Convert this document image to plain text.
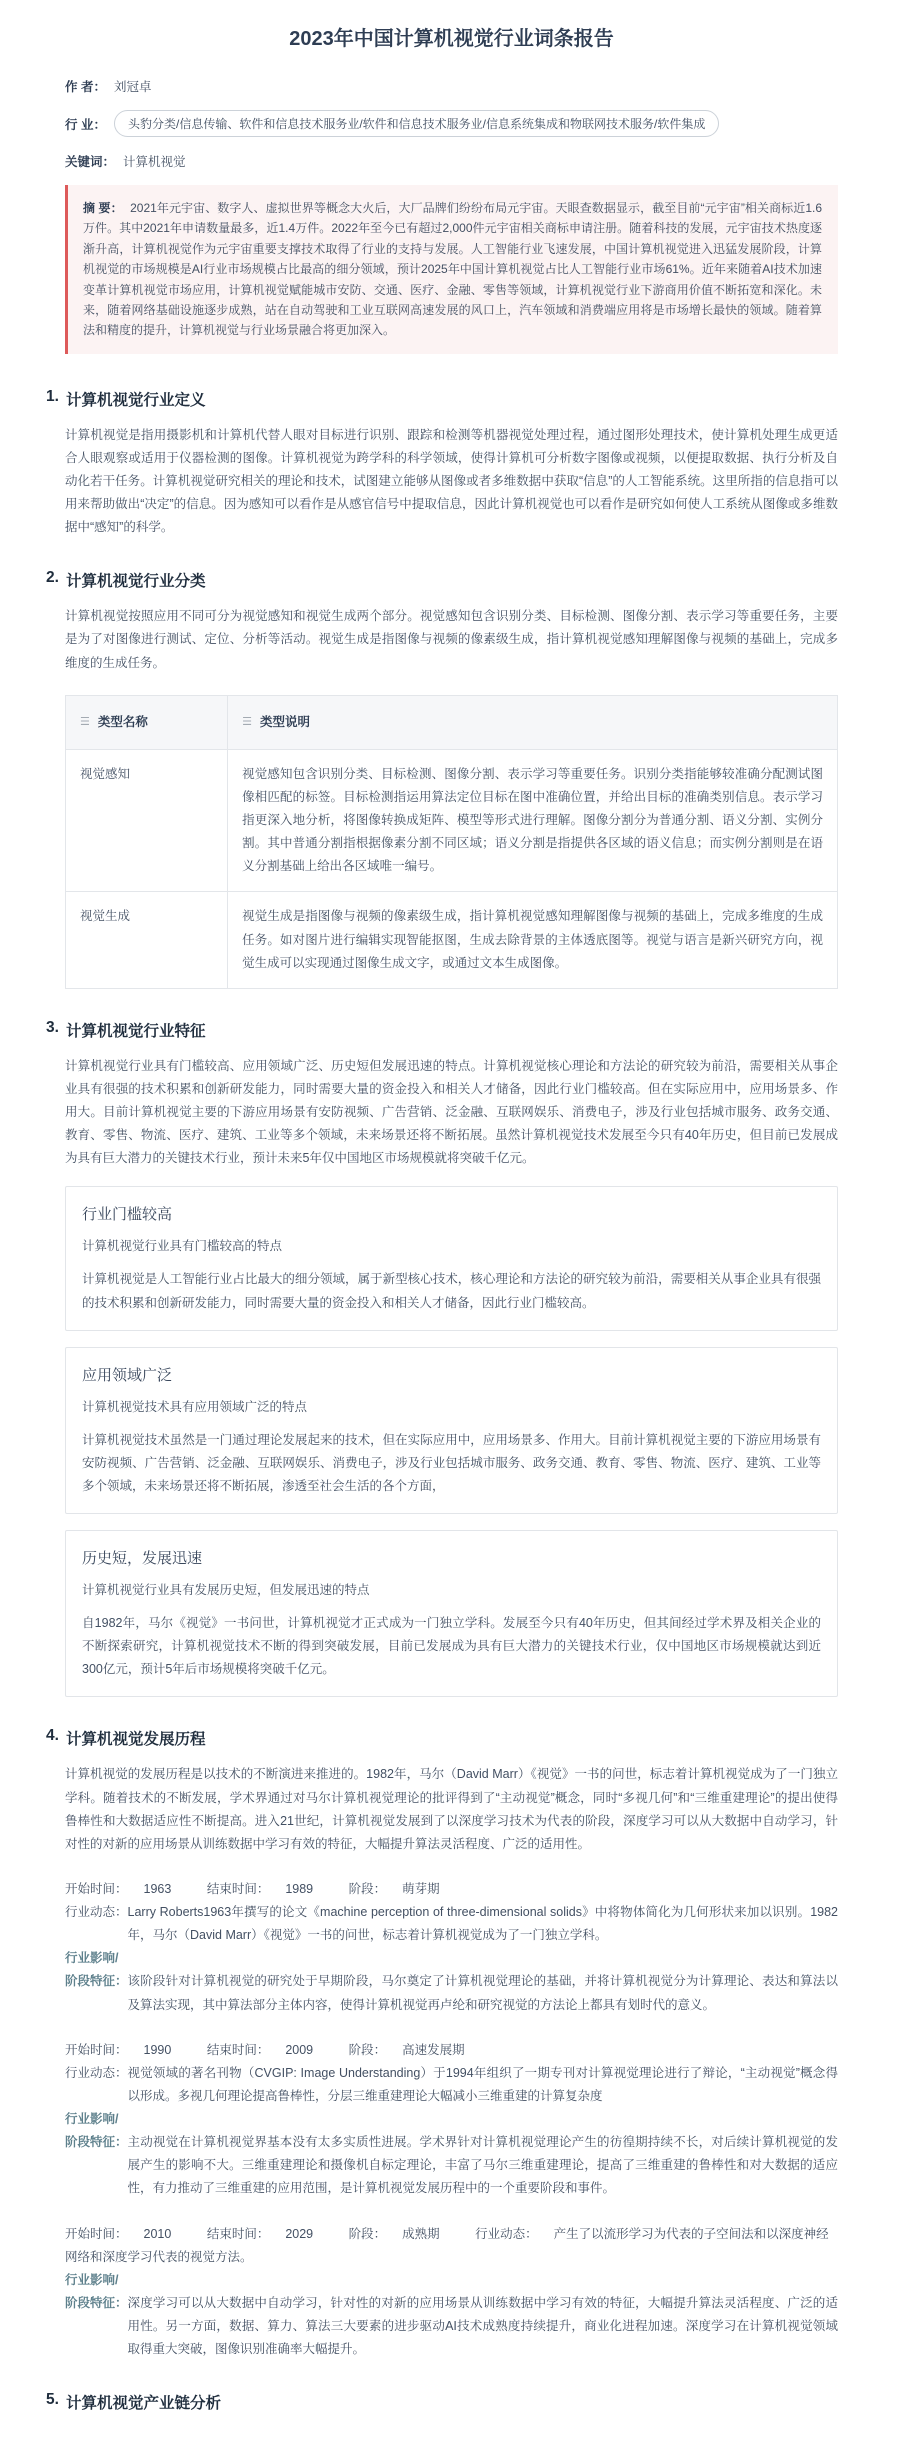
2023年中国计算机视觉行业词条报告
作 者： 刘冠卓
行 业：	头豹分类/信息传输、软件和信息技术服务业/软件和信息技术服务业/信息系统集成和物联网技术服务/软件集成
关键词： 计算机视觉
摘 要： 2021年元宇宙、数字人、虚拟世界等概念大火后，大厂品牌们纷纷布局元宇宙。天眼查数据显示，截至目前“元宇宙”相关商标近1.6万件。其中2021年申请数量最多，近1.4万件。2022年至今已有超过2,000件元宇宙相关商标申请注册。随着科技的发展，元宇宙技术热度逐渐升高，计算机视觉作为元宇宙重要支撑技术取得了行业的支持与发展。人工智能行业飞速发展，中国计算机视觉进入迅猛发展阶段，计算机视觉的市场规模是AI行业市场规模占比最高的细分领域，预计2025年中国计算机视觉占比人工智能行业市场61%。近年来随着AI技术加速变革计算机视觉市场应用，计算机视觉赋能城市安防、交通、医疗、金融、零售等领域，计算机视觉行业下游商用价值不断拓宽和深化。未来，随着网络基础设施逐步成熟，站在自动驾驶和工业互联网高速发展的风口上，汽车领域和消费端应用将是市场增长最快的领域。随着算法和精度的提升，计算机视觉与行业场景融合将更加深入。
1. 计算机视觉行业定义

计算机视觉是指用摄影机和计算机代替人眼对目标进行识别、跟踪和检测等机器视觉处理过程，通过图形处理技术，使计算机处理生成更适合人眼观察或适用于仪器检测的图像。计算机视觉为跨学科的科学领域，使得计算机可分析数字图像或视频，以便提取数据、执行分析及自动化若干任务。计算机视觉研究相关的理论和技术，试图建立能够从图像或者多维数据中获取“信息”的人工智能系统。这里所指的信息指可以用来帮助做出“决定”的信息。因为感知可以看作是从感官信号中提取信息，因此计算机视觉也可以看作是研究如何使人工系统从图像或多维数据中“感知”的科学。

2. 计算机视觉行业分类

计算机视觉按照应用不同可分为视觉感知和视觉生成两个部分。视觉感知包含识别分类、目标检测、图像分割、表示学习等重要任务，主要是为了对图像进行测试、定位、分析等活动。视觉生成是指图像与视频的像素级生成，指计算机视觉感知理解图像与视频的基础上，完成多维度的生成任务。

☰ 类型名称	☰ 类型说明

视觉感知	视觉感知包含识别分类、目标检测、图像分割、表示学习等重要任务。识别分类指能够较准确分配测试图像相匹配的标签。目标检测指运用算法定位目标在图中准确位置，并给出目标的准确类别信息。表示学习指更深入地分析，将图像转换成矩阵、模型等形式进行理解。图像分割分为普通分割、语义分割、实例分割。其中普通分割指根据像素分割不同区域；语义分割是指提供各区域的语义信息；而实例分割则是在语义分割基础上给出各区域唯一编号。
视觉生成	视觉生成是指图像与视频的像素级生成，指计算机视觉感知理解图像与视频的基础上，完成多维度的生成任务。如对图片进行编辑实现智能抠图，生成去除背景的主体透底图等。视觉与语言是新兴研究方向，视觉生成可以实现通过图像生成文字，或通过文本生成图像。
3. 计算机视觉行业特征

计算机视觉行业具有门槛较高、应用领域广泛、历史短但发展迅速的特点。计算机视觉核心理论和方法论的研究较为前沿，需要相关从事企业具有很强的技术积累和创新研发能力，同时需要大量的资金投入和相关人才储备，因此行业门槛较高。但在实际应用中，应用场景多、作用大。目前计算机视觉主要的下游应用场景有安防视频、广告营销、泛金融、互联网娱乐、消费电子，涉及行业包括城市服务、政务交通、教育、零售、物流、医疗、建筑、工业等多个领域，未来场景还将不断拓展。虽然计算机视觉技术发展至今只有40年历史，但目前已发展成为具有巨大潜力的关键技术行业，预计未来5年仅中国地区市场规模就将突破千亿元。

行业门槛较高
计算机视觉行业具有门槛较高的特点
计算机视觉是人工智能行业占比最大的细分领域，属于新型核心技术，核心理论和方法论的研究较为前沿，需要相关从事企业具有很强的技术积累和创新研发能力，同时需要大量的资金投入和相关人才储备，因此行业门槛较高。
应用领域广泛
计算机视觉技术具有应用领域广泛的特点
计算机视觉技术虽然是一门通过理论发展起来的技术，但在实际应用中，应用场景多、作用大。目前计算机视觉主要的下游应用场景有安防视频、广告营销、泛金融、互联网娱乐、消费电子，涉及行业包括城市服务、政务交通、教育、零售、物流、医疗、建筑、工业等多个领域，未来场景还将不断拓展，渗透至社会生活的各个方面，
历史短，发展迅速
计算机视觉行业具有发展历史短，但发展迅速的特点
自1982年，马尔《视觉》一书问世，计算机视觉才正式成为一门独立学科。发展至今只有40年历史，但其间经过学术界及相关企业的不断探索研究，计算机视觉技术不断的得到突破发展，目前已发展成为具有巨大潜力的关键技术行业，仅中国地区市场规模就达到近300亿元，预计5年后市场规模将突破千亿元。
4. 计算机视觉发展历程

计算机视觉的发展历程是以技术的不断演进来推进的。1982年，马尔（David Marr）《视觉》一书的问世，标志着计算机视觉成为了一门独立学科。随着技术的不断发展，学术界通过对马尔计算机视觉理论的批评得到了“主动视觉”概念，同时“多视几何”和“三维重建理论”的提出使得鲁棒性和大数据适应性不断提高。进入21世纪，计算机视觉发展到了以深度学习技术为代表的阶段，深度学习可以从大数据中自动学习，针对性的对新的应用场景从训练数据中学习有效的特征，大幅提升算法灵活程度、广泛的适用性。

开始时间： 1963	结束时间： 1989	阶段： 萌芽期
行业动态： Larry Roberts1963年撰写的论文《machine perception of three-dimensional solids》中将物体简化为几何形状来加以识别。1982年，马尔（David Marr）《视觉》一书的问世，标志着计算机视觉成为了一门独立学科。
行业影响/
阶段特征： 该阶段针对计算机视觉的研究处于早期阶段，马尔奠定了计算机视觉理论的基础，并将计算机视觉分为计算理论、表达和算法以及算法实现，其中算法部分主体内容，使得计算机视觉再卢纶和研究视觉的方法论上都具有划时代的意义。
开始时间： 1990	结束时间： 2009	阶段： 高速发展期
行业动态： 视觉领域的著名刊物（CVGIP: Image Understanding）于1994年组织了一期专刊对计算视觉理论进行了辩论，“主动视觉”概念得以形成。多视几何理论提高鲁棒性，分层三维重建理论大幅减小三维重建的计算复杂度
行业影响/
阶段特征： 主动视觉在计算机视觉界基本没有太多实质性进展。学术界针对计算机视觉理论产生的彷徨期持续不长，对后续计算机视觉的发展产生的影响不大。三维重建理论和摄像机自标定理论，丰富了马尔三维重建理论，提高了三维重建的鲁棒性和对大数据的适应性，有力推动了三维重建的应用范围，是计算机视觉发展历程中的一个重要阶段和事件。
开始时间： 2010	结束时间： 2029	阶段： 成熟期	行业动态： 产生了以流形学习为代表的子空间法和以深度神经网络和深度学习代表的视觉方法。
行业影响/
阶段特征： 深度学习可以从大数据中自动学习，针对性的对新的应用场景从训练数据中学习有效的特征，大幅提升算法灵活程度、广泛的适用性。另一方面，数据、算力、算法三大要素的进步驱动AI技术成熟度持续提升，商业化进程加速。深度学习在计算机视觉领域取得重大突破，图像识别准确率大幅提升。
5. 计算机视觉产业链分析
